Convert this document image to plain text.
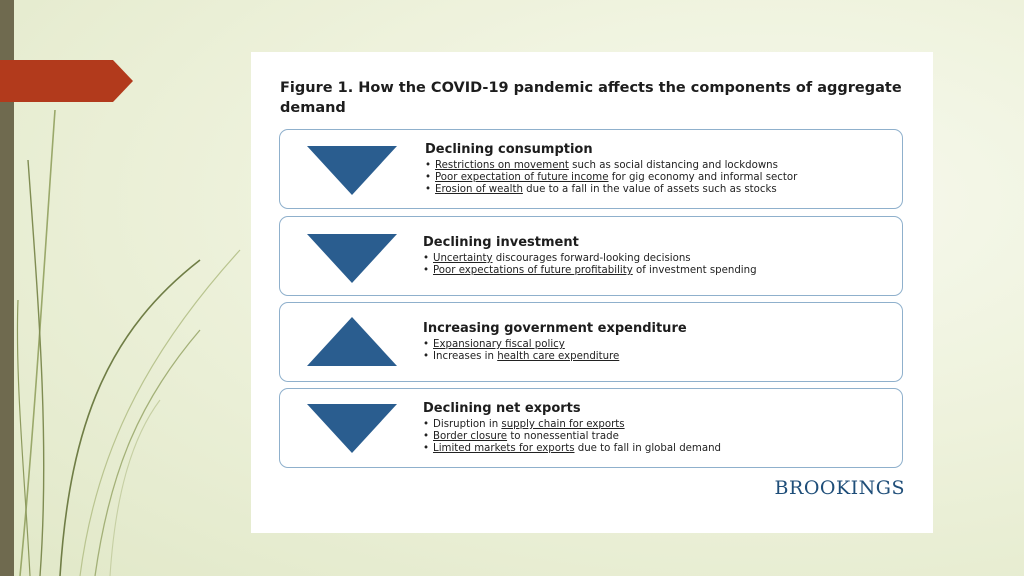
Figure 1. How the COVID-19 pandemic affects the components of aggregate demand
Declining consumption
• Restrictions on movement such as social distancing and lockdowns
• Poor expectation of future income for gig economy and informal sector
• Erosion of wealth due to a fall in the value of assets such as stocks
Declining investment
• Uncertainty discourages forward-looking decisions
• Poor expectations of future profitability of investment spending
Increasing government expenditure
• Expansionary fiscal policy
• Increases in health care expenditure
Declining net exports
• Disruption in supply chain for exports
• Border closure to nonessential trade
• Limited markets for exports due to fall in global demand
BROOKINGS
